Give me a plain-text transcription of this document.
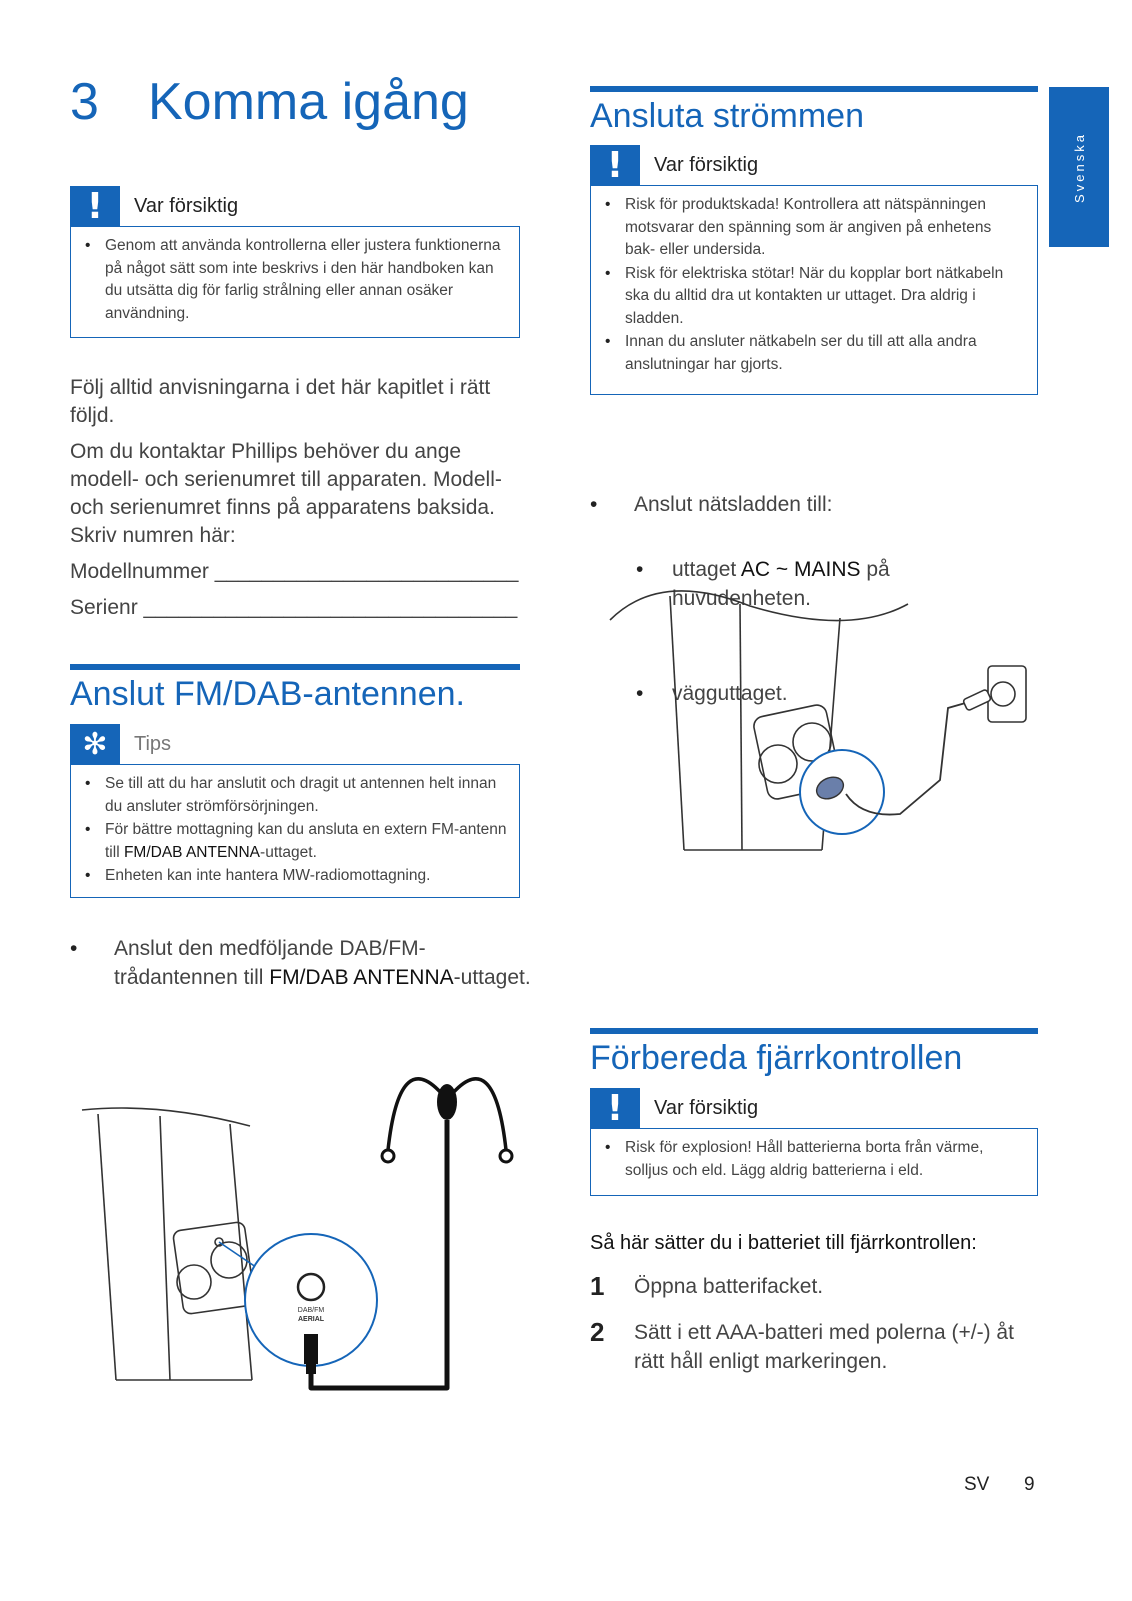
Svenska
3 Komma igång
!	Var försiktig
• Genom att använda kontrollerna eller justera funktionerna på något sätt som inte beskrivs i den här handboken kan du utsätta dig för farlig strålning eller annan osäker användning.

Följ alltid anvisningarna i det här kapitlet i rätt följd.

Om du kontaktar Phillips behöver du ange modell- och serienumret till apparaten. Modell- och serienumret finns på apparatens baksida. Skriv numren här:

Modellnummer __________________________

Serienr ________________________________

Anslut FM/DAB-antennen.
✻	Tips
• Se till att du har anslutit och dragit ut antennen helt innan du ansluter strömförsörjningen.
• För bättre mottagning kan du ansluta en extern FM-antenn till FM/DAB ANTENNA-uttaget.
• Enheten kan inte hantera MW-radiomottagning.
• Anslut den medföljande DAB/FM-trådantennen till FM/DAB ANTENNA-uttaget.
DAB/FM
AERIAL
Ansluta strömmen
!	Var försiktig
• Risk för produktskada! Kontrollera att nätspänningen motsvarar den spänning som är angiven på enhetens bak- eller undersida.
• Risk för elektriska stötar! När du kopplar bort nätkabeln ska du alltid dra ut kontakten ur uttaget. Dra aldrig i sladden.
• Innan du ansluter nätkabeln ser du till att alla andra anslutningar har gjorts.
• Anslut nätsladden till:
• uttaget AC ~ MAINS på huvudenheten.
• vägguttaget.
Förbereda fjärrkontrollen
!	Var försiktig
• Risk för explosion! Håll batterierna borta från värme, solljus och eld. Lägg aldrig batterierna i eld.
Så här sätter du i batteriet till fjärrkontrollen:
1	Öppna batterifacket.
2	Sätt i ett AAA-batteri med polerna (+/-) åt rätt håll enligt markeringen.
SV 9
